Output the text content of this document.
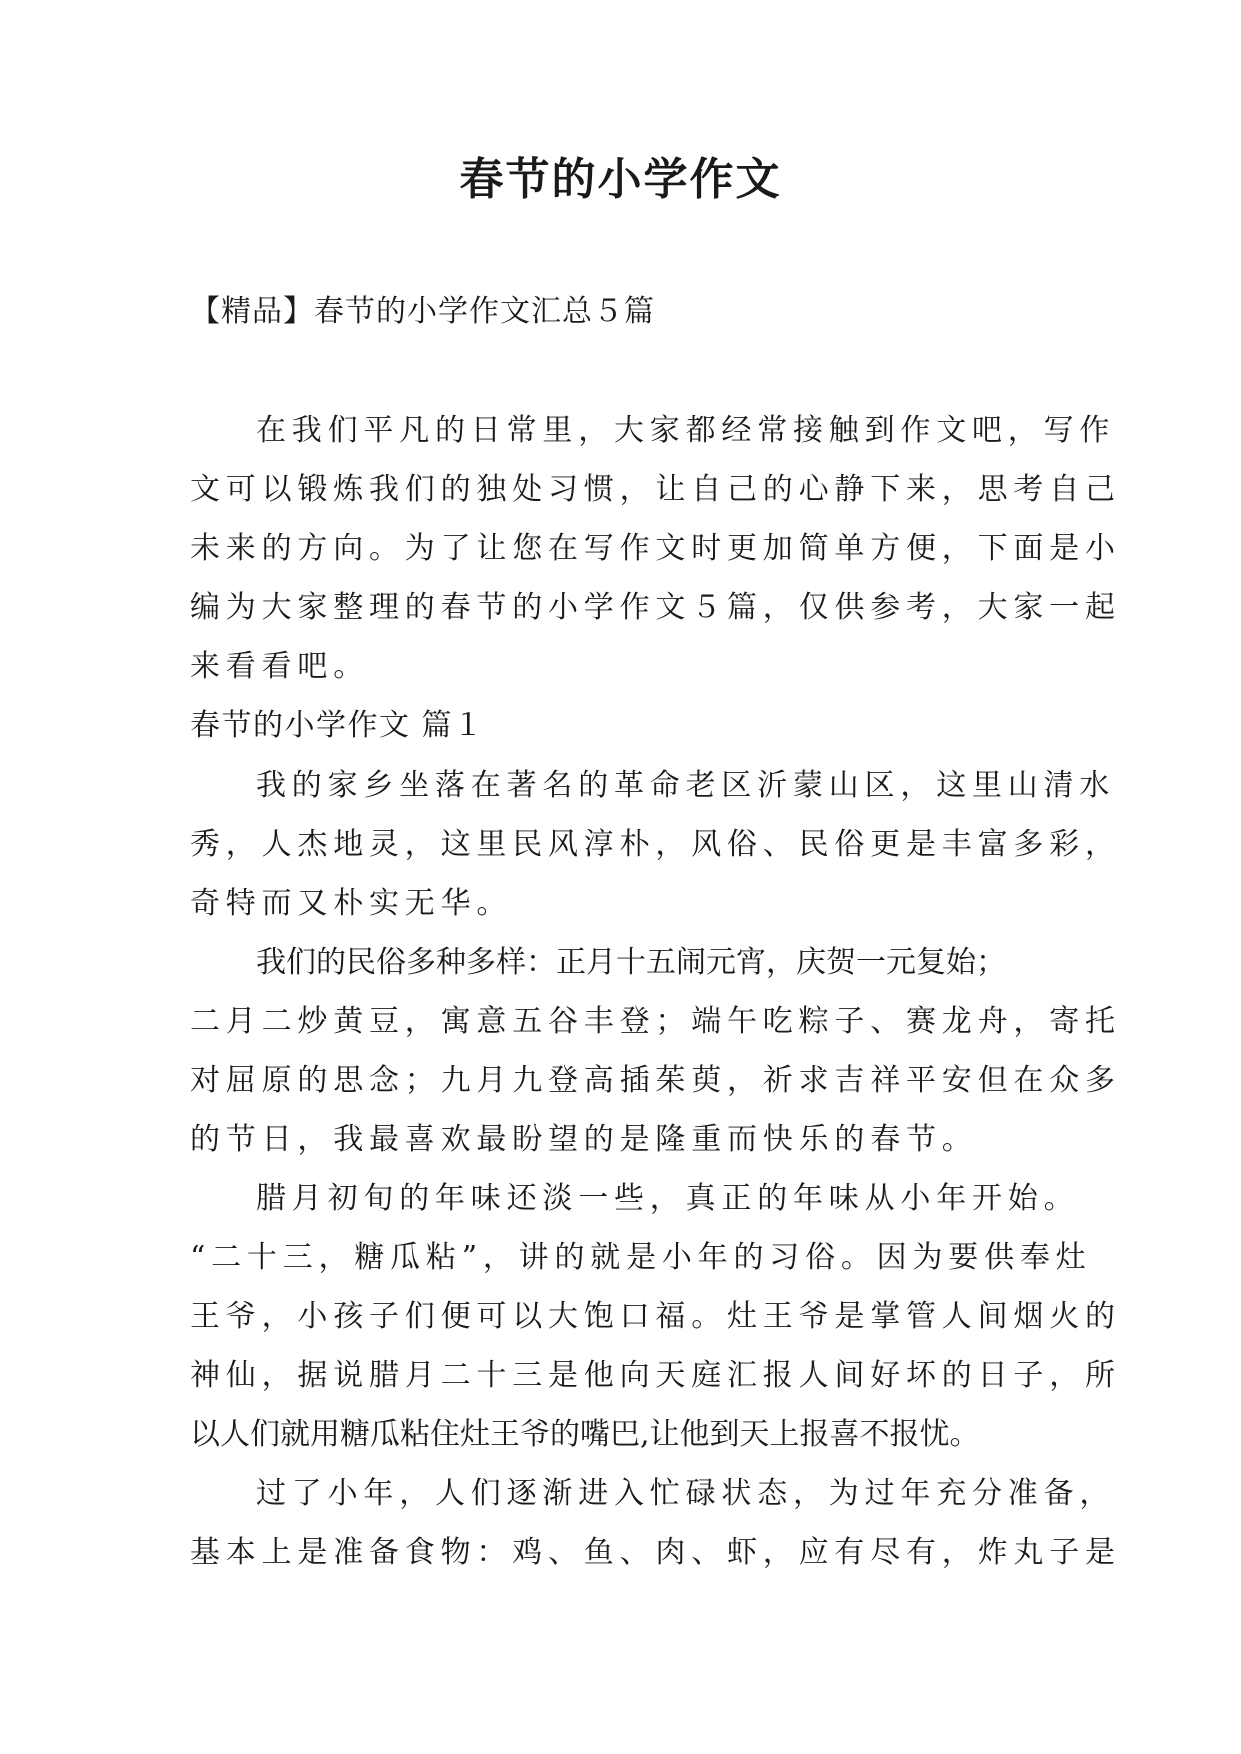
春节的小学作文
【精品】春节的小学作文汇总５篇
在我们平凡的日常里，大家都经常接触到作文吧，写作
文可以锻炼我们的独处习惯，让自己的心静下来，思考自己
未来的方向。为了让您在写作文时更加简单方便，下面是小
编为大家整理的春节的小学作文５篇，仅供参考，大家一起
来看看吧。
春节的小学作文 篇１
我的家乡坐落在著名的革命老区沂蒙山区，这里山清水
秀，人杰地灵，这里民风淳朴，风俗、民俗更是丰富多彩，
奇特而又朴实无华。
我们的民俗多种多样：正月十五闹元宵，庆贺一元复始；
二月二炒黄豆，寓意五谷丰登；端午吃粽子、赛龙舟，寄托
对屈原的思念；九月九登高插茱萸，祈求吉祥平安但在众多
的节日，我最喜欢最盼望的是隆重而快乐的春节。
腊月初旬的年味还淡一些，真正的年味从小年开始。
“二十三，糖瓜粘”，讲的就是小年的习俗。因为要供奉灶
王爷，小孩子们便可以大饱口福。灶王爷是掌管人间烟火的
神仙，据说腊月二十三是他向天庭汇报人间好坏的日子，所
以人们就用糖瓜粘住灶王爷的嘴巴,让他到天上报喜不报忧。
过了小年，人们逐渐进入忙碌状态，为过年充分准备，
基本上是准备食物：鸡、鱼、肉、虾，应有尽有，炸丸子是
